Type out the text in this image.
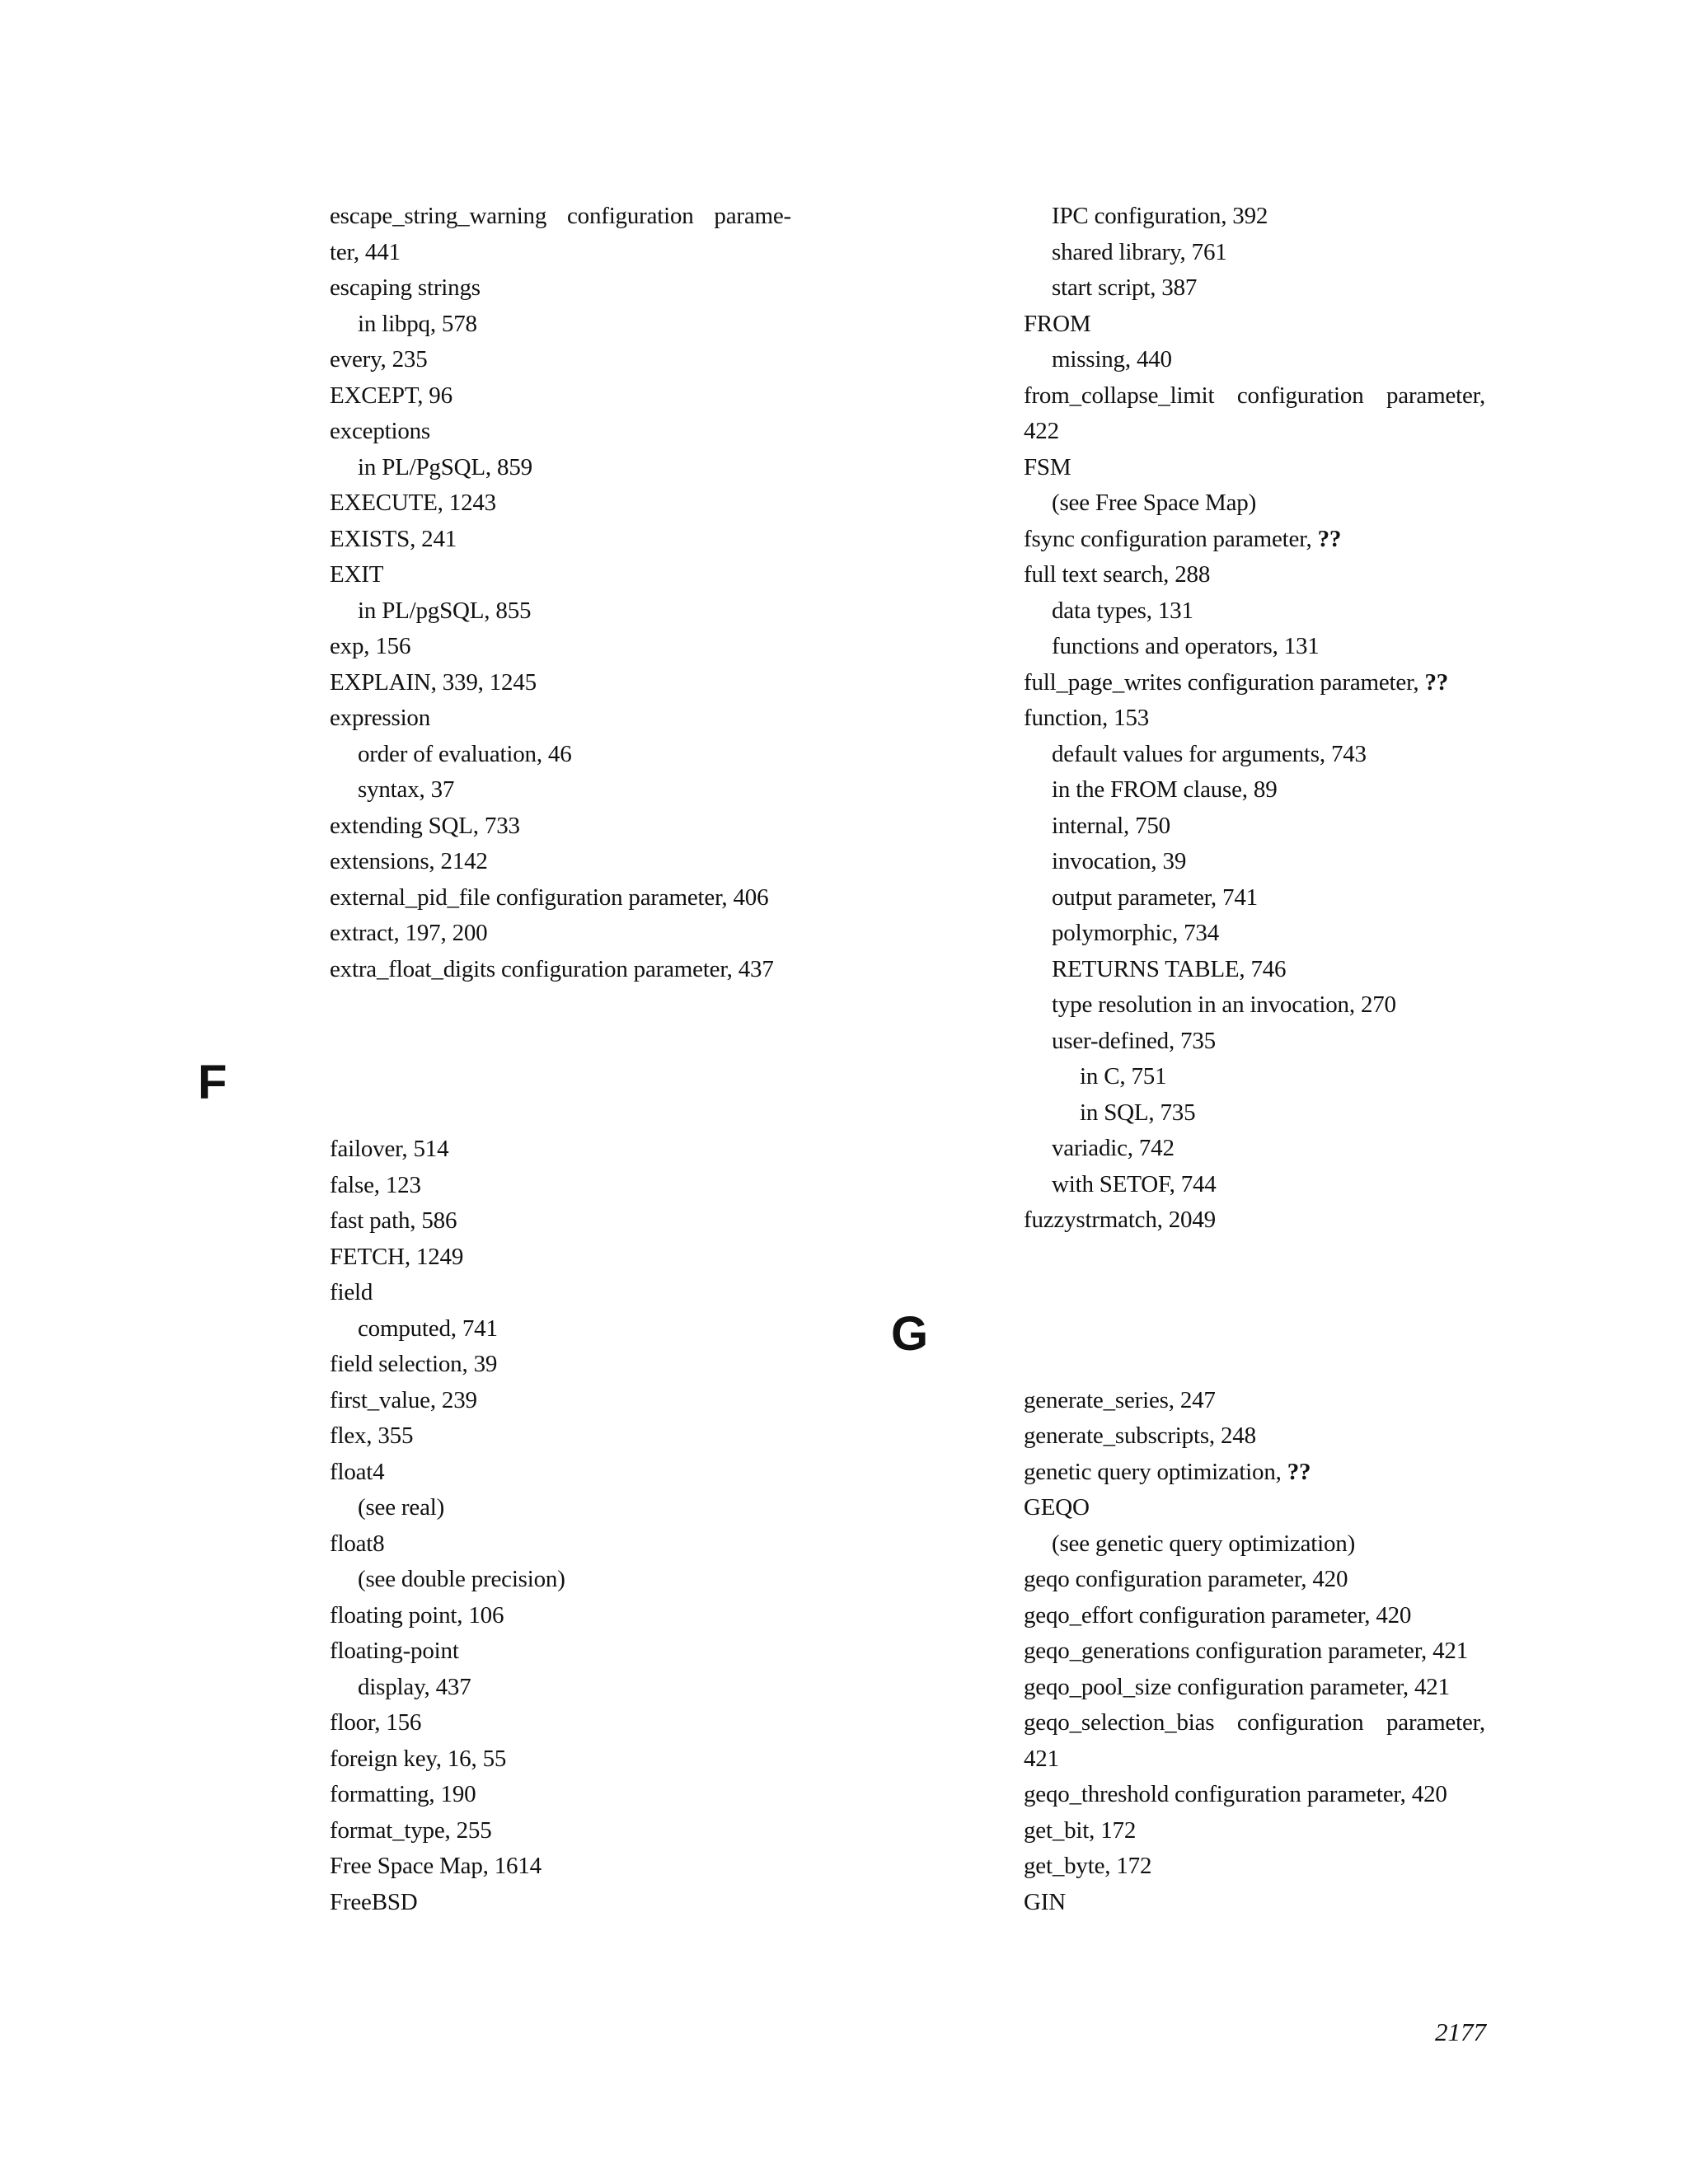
escape_string_warning configuration parame-
ter, 441
escaping strings
in libpq, 578
every, 235
EXCEPT, 96
exceptions
in PL/PgSQL, 859
EXECUTE, 1243
EXISTS, 241
EXIT
in PL/pgSQL, 855
exp, 156
EXPLAIN, 339, 1245
expression
order of evaluation, 46
syntax, 37
extending SQL, 733
extensions, 2142
external_pid_file configuration parameter, 406
extract, 197, 200
extra_float_digits configuration parameter, 437
failover, 514
false, 123
fast path, 586
FETCH, 1249
field
computed, 741
field selection, 39
first_value, 239
flex, 355
float4
(see real)
float8
(see double precision)
floating point, 106
floating-point
display, 437
floor, 156
foreign key, 16, 55
formatting, 190
format_type, 255
Free Space Map, 1614
FreeBSD
F
IPC configuration, 392
shared library, 761
start script, 387
FROM
missing, 440
from_collapse_limit configuration parameter,
422
FSM
(see Free Space Map)
fsync configuration parameter, ??
full text search, 288
data types, 131
functions and operators, 131
full_page_writes configuration parameter, ??
function, 153
default values for arguments, 743
in the FROM clause, 89
internal, 750
invocation, 39
output parameter, 741
polymorphic, 734
RETURNS TABLE, 746
type resolution in an invocation, 270
user-defined, 735
in C, 751
in SQL, 735
variadic, 742
with SETOF, 744
fuzzystrmatch, 2049
generate_series, 247
generate_subscripts, 248
genetic query optimization, ??
GEQO
(see genetic query optimization)
geqo configuration parameter, 420
geqo_effort configuration parameter, 420
geqo_generations configuration parameter, 421
geqo_pool_size configuration parameter, 421
geqo_selection_bias configuration parameter,
421
geqo_threshold configuration parameter, 420
get_bit, 172
get_byte, 172
GIN
G
2177
